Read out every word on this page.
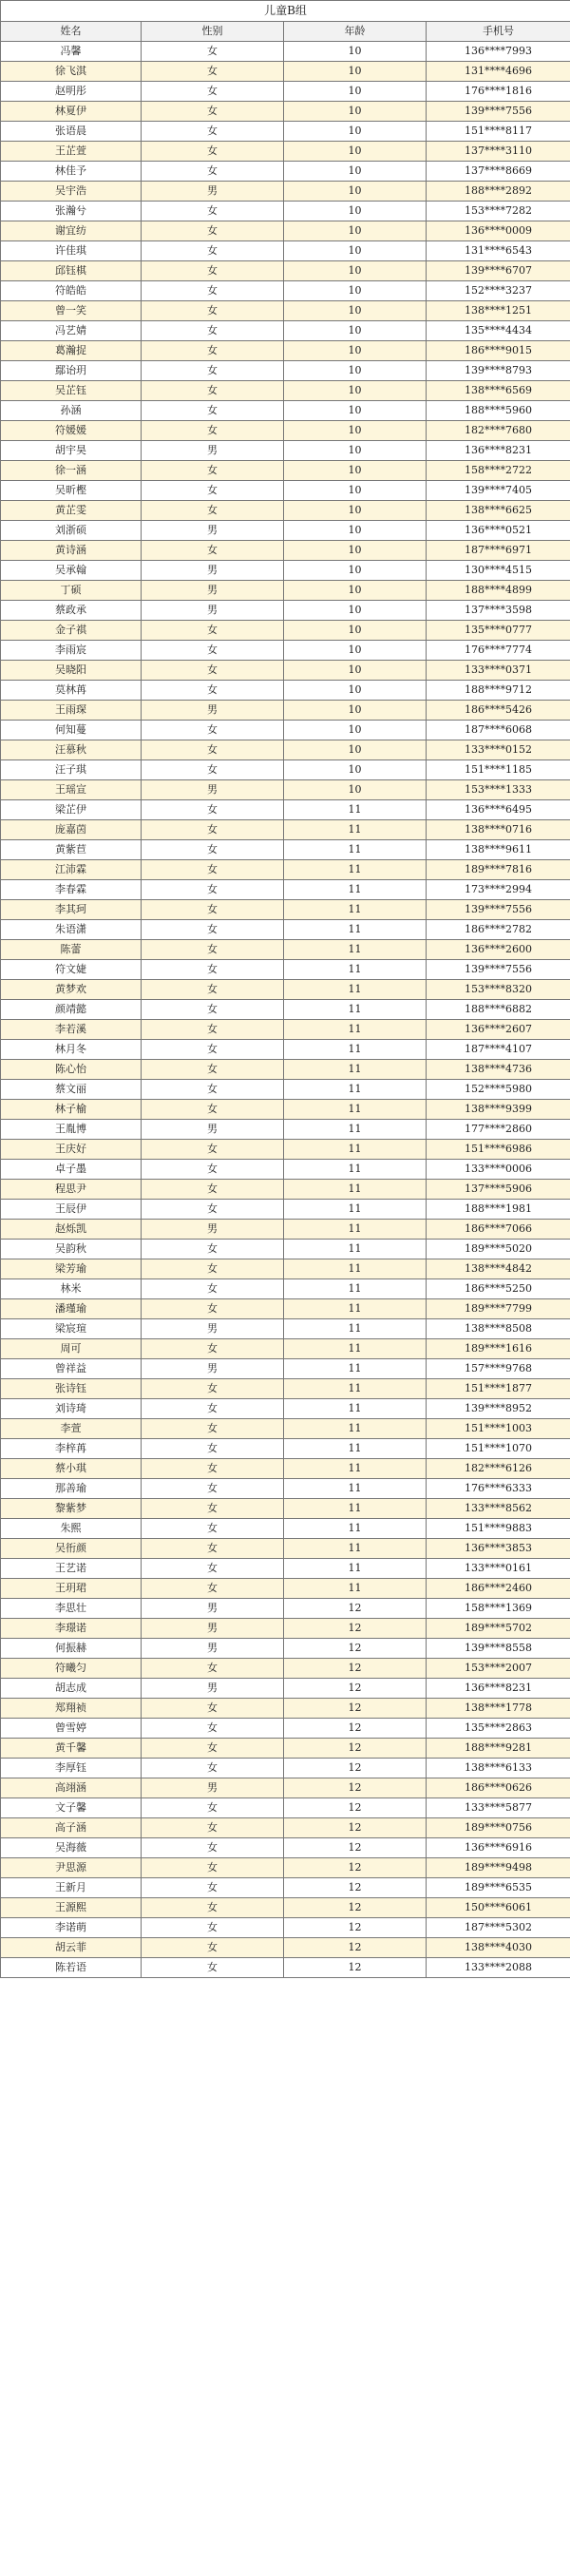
儿童B组			
姓名	性别	年龄	手机号
冯馨	女	10	136****7993
徐飞淇	女	10	131****4696
赵明彤	女	10	176****1816
林夏伊	女	10	139****7556
张语晨	女	10	151****8117
王芷萱	女	10	137****3110
林佳予	女	10	137****8669
吴宇浩	男	10	188****2892
张瀚兮	女	10	153****7282
谢宜纺	女	10	136****0009
许佳琪	女	10	131****6543
邱钰棋	女	10	139****6707
符皓皓	女	10	152****3237
曾一笑	女	10	138****1251
冯艺婧	女	10	135****4434
葛瀚捉	女	10	186****9015
鄢诒玥	女	10	139****8793
吴芷钰	女	10	138****6569
孙涵	女	10	188****5960
符媛媛	女	10	182****7680
胡宇昊	男	10	136****8231
徐一涵	女	10	158****2722
吴昕樫	女	10	139****7405
黄芷雯	女	10	138****6625
刘浙硕	男	10	136****0521
黄诗涵	女	10	187****6971
吴承翰	男	10	130****4515
丁硕	男	10	188****4899
蔡政承	男	10	137****3598
金子祺	女	10	135****0777
李雨宸	女	10	176****7774
吴晓阳	女	10	133****0371
莫林苒	女	10	188****9712
王雨琛	男	10	186****5426
何知蔓	女	10	187****6068
汪慕秋	女	10	133****0152
汪子琪	女	10	151****1185
王瑶宣	男	10	153****1333
梁芷伊	女	11	136****6495
庞嘉茵	女	11	138****0716
黄紫苣	女	11	138****9611
江沛霖	女	11	189****7816
李春霖	女	11	173****2994
李其珂	女	11	139****7556
朱语潇	女	11	186****2782
陈蕾	女	11	136****2600
符文婕	女	11	139****7556
黄梦欢	女	11	153****8320
颜靖懿	女	11	188****6882
李若溪	女	11	136****2607
林月冬	女	11	187****4107
陈心怡	女	11	138****4736
蔡文丽	女	11	152****5980
林子榆	女	11	138****9399
王胤博	男	11	177****2860
王庆好	女	11	151****6986
卓子墨	女	11	133****0006
程思尹	女	11	137****5906
王辰伊	女	11	188****1981
赵烁凯	男	11	186****7066
吴韵秋	女	11	189****5020
梁芳瑜	女	11	138****4842
林米	女	11	186****5250
潘瑾瑜	女	11	189****7799
梁宸瑄	男	11	138****8508
周可	女	11	189****1616
曾祥益	男	11	157****9768
张诗钰	女	11	151****1877
刘诗琦	女	11	139****8952
李萱	女	11	151****1003
李梓苒	女	11	151****1070
蔡小琪	女	11	182****6126
那善瑜	女	11	176****6333
黎紫梦	女	11	133****8562
朱熙	女	11	151****9883
吴衎颜	女	11	136****3853
王艺诺	女	11	133****0161
王玥珺	女	11	186****2460
李思壮	男	12	158****1369
李璟诺	男	12	189****5702
何振赫	男	12	139****8558
符曦匀	女	12	153****2007
胡志成	男	12	136****8231
郑翔祯	女	12	138****1778
曾雪婷	女	12	135****2863
黄千馨	女	12	188****9281
李厚钰	女	12	138****6133
高翊涵	男	12	186****0626
文子馨	女	12	133****5877
高子涵	女	12	189****0756
吴海薇	女	12	136****6916
尹思源	女	12	189****9498
王新月	女	12	189****6535
王源熙	女	12	150****6061
李诺萌	女	12	187****5302
胡云菲	女	12	138****4030
陈若语	女	12	133****2088
